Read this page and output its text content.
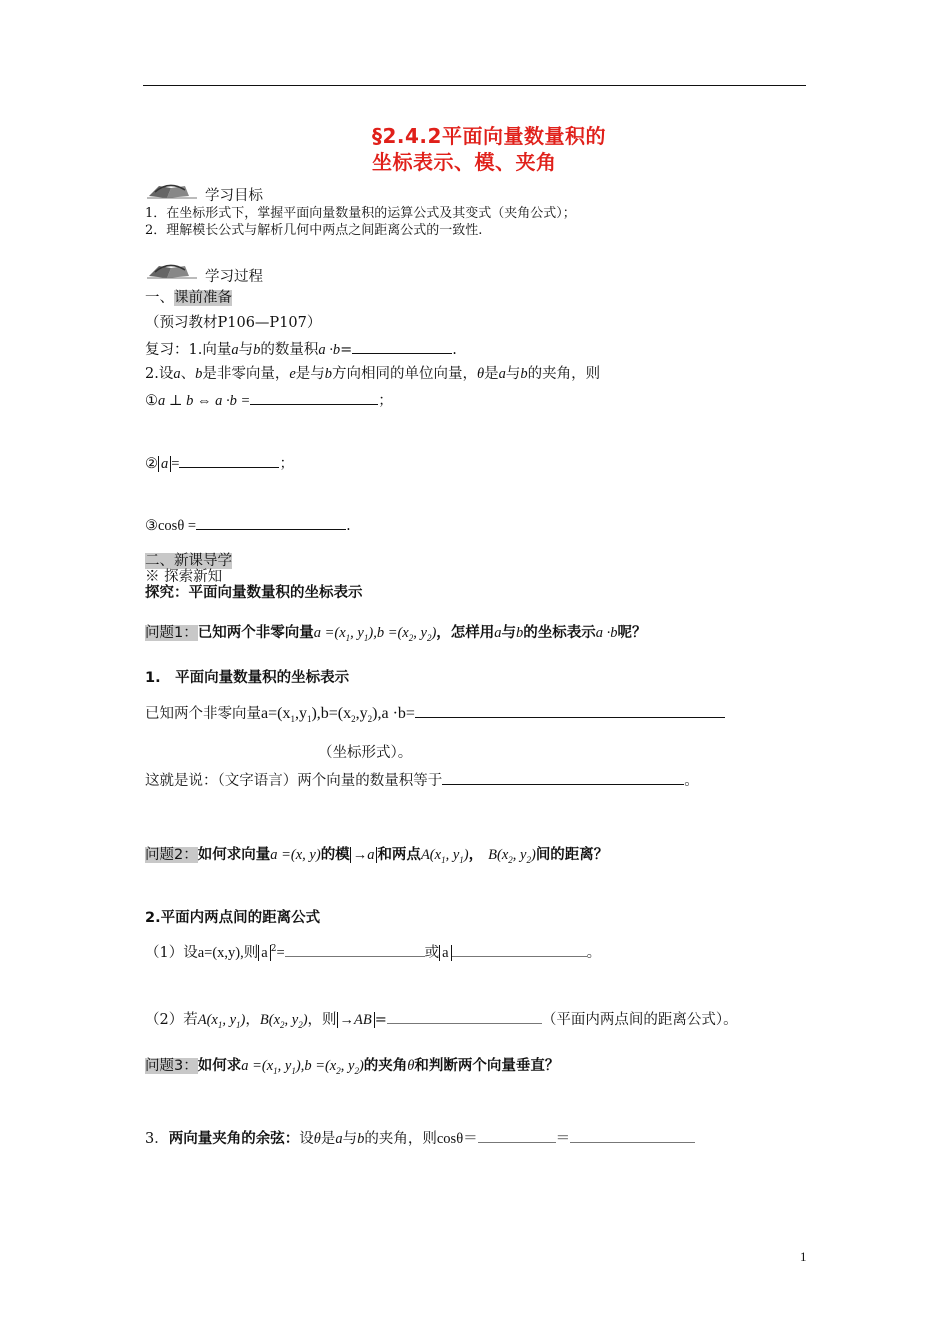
§2.4.2平面向量数量积的
坐标表示、模、夹角
学习目标
1．在坐标形式下，掌握平面向量数量积的运算公式及其变式（夹角公式）；
2．理解模长公式与解析几何中两点之间距离公式的一致性.
学习过程
一、课前准备
（预习教材P106—P107）
复习：1.向量a与b的数量积a ·b=	.
2.设a、b是非零向量，e是与b方向相同的单位向量，θ是a与b的夹角，则
①a ⊥ b ⇔ a ·b =	；
② a =	；
③cosθ =	.
二、新课导学
※ 探索新知
探究：平面向量数量积的坐标表示
问题1：已知两个非零向量$a =(x_1$, $y_1),b =(x_2$, $y_2$)，怎样用a与b的坐标表示a ·b呢？
1.　平面向量数量积的坐标表示
已知两个非零向量$a=(x_1,y_1),b=(x_2,y_2),a \cdot b=$
（坐标形式）。
这就是说：（文字语言）两个向量的数量积等于	。
问题2：如何求向量a =(x, y)的模 →a 和两点$A(x_1$, $y_1$)， $B(x_2$, $y_2$)间的距离？
2.平面内两点间的距离公式
（1）设a=(x,y),则 a $^2$=	或 a	。
（2）若$A(x_1$, $y_1$)，$B(x_2$, $y_2$)，则 →AB =	（平面内两点间的距离公式）。
问题3：如何求$a =(x_1$, $y_1),b =(x_2$, $y_2$)的夹角θ和判断两个向量垂直？
3．两向量夹角的余弦：设θ是a与b的夹角，则cosθ＝	＝
1
